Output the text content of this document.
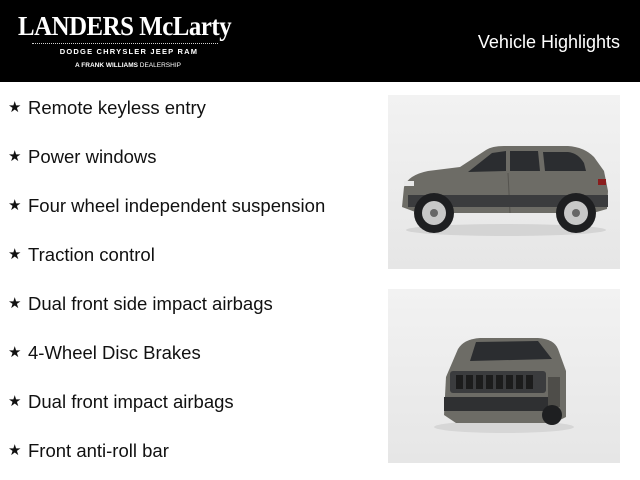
LANDERS McLarty
DODGE CHRYSLER JEEP RAM
A FRANK WILLIAMS DEALERSHIP
Vehicle Highlights
★ Remote keyless entry
★ Power windows
★ Four wheel independent suspension
★ Traction control
★ Dual front side impact airbags
★ 4-Wheel Disc Brakes
★ Dual front impact airbags
★ Front anti-roll bar
